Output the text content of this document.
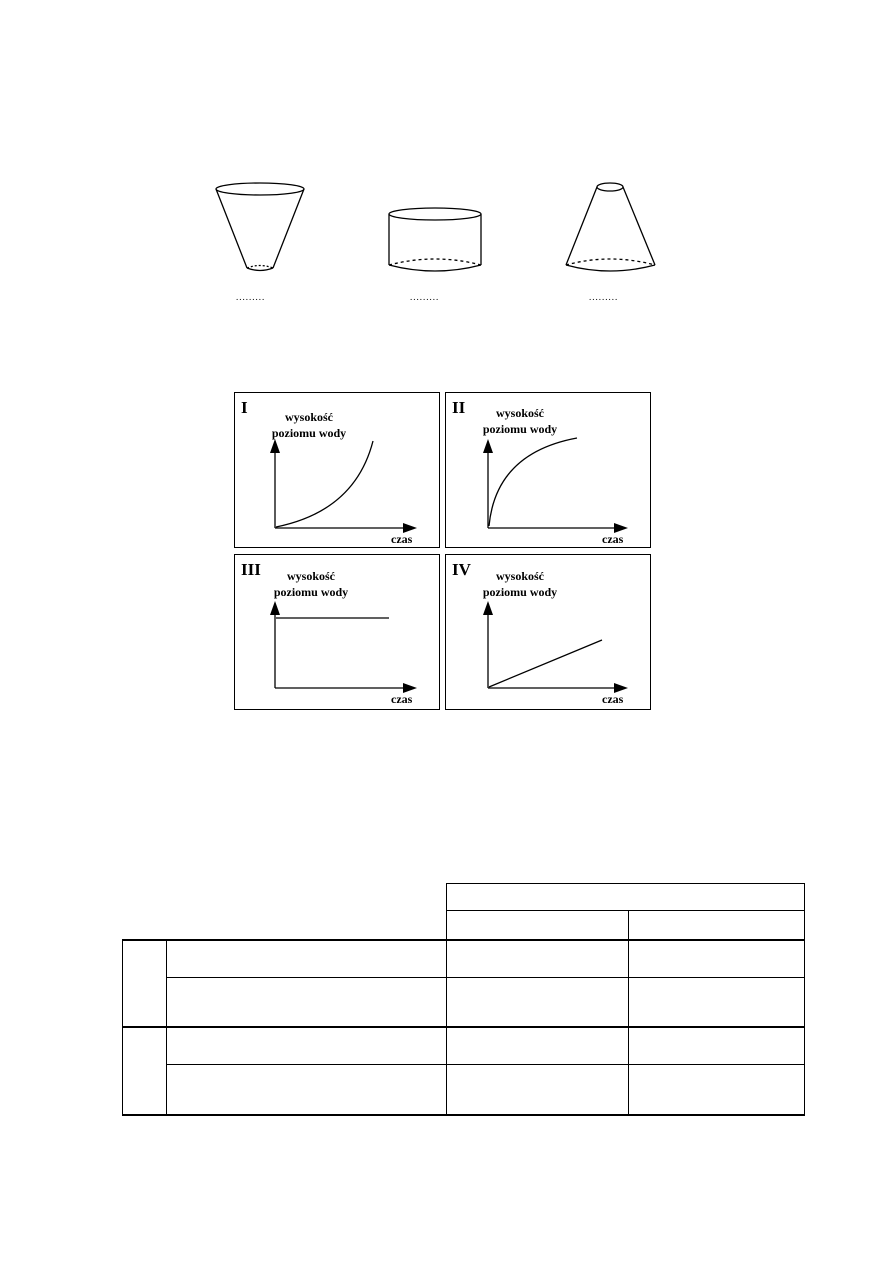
.........	.........	.........
I	wysokość
poziomu wody
czas
II	wysokość
poziomu wody
czas
III	wysokość
poziomu wody
czas
IV	wysokość
poziomu wody
czas
